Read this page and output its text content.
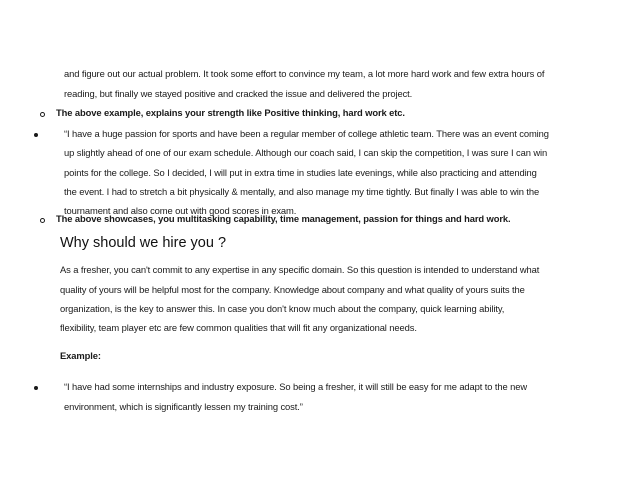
and figure out our actual problem. It took some effort to convince my team, a lot more hard work and few extra hours of
reading, but finally we stayed positive and cracked the issue and delivered the project.
The above example, explains your strength like Positive thinking, hard work etc.
“I have a huge passion for sports and have been a regular member of college athletic team. There was an event coming
up slightly ahead of one of our exam schedule. Although our coach said, I can skip the competition, I was sure I can win
points for the college. So I decided, I will put in extra time in studies late evenings, while also practicing and attending
the event. I had to stretch a bit physically & mentally, and also manage my time tightly. But finally I was able to win the
tournament and also come out with good scores in exam.
The above showcases, you multitasking capability, time management, passion for things and hard work.
Why should we hire you ?
As a fresher, you can't commit to any expertise in any specific domain. So this question is intended to understand what
quality of yours will be helpful most for the company. Knowledge about company and what quality of yours suits the
organization, is the key to answer this. In case you don't know much about the company, quick learning ability,
flexibility, team player etc are few common qualities that will fit any organizational needs.
Example:
“I have had some internships and industry exposure. So being a fresher, it will still be easy for me adapt to the new
environment, which is significantly lessen my training cost.”
